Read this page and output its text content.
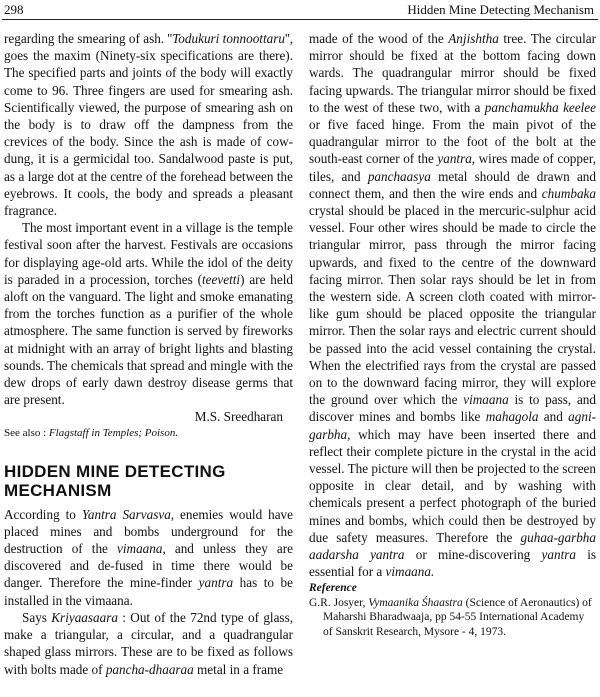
298	Hidden Mine Detecting Mechanism

regarding the smearing of ash. ''Todukuri tonnoottaru'', goes the maxim (Ninety-six specifications are there). The specified parts and joints of the body will exactly come to 96. Three fingers are used for smearing ash. Scientifically viewed, the purpose of smearing ash on the body is to draw off the dampness from the crevices of the body. Since the ash is made of cow-dung, it is a germicidal too. Sandalwood paste is put, as a large dot at the centre of the forehead between the eyebrows. It cools, the body and spreads a pleasant fragrance.

The most important event in a village is the temple festival soon after the harvest. Festivals are occasions for displaying age-old arts. While the idol of the deity is paraded in a procession, torches (teevetti) are held aloft on the vanguard. The light and smoke emanating from the torches function as a purifier of the whole atmosphere. The same function is served by fireworks at midnight with an array of bright lights and blasting sounds. The chemicals that spread and mingle with the dew drops of early dawn destroy disease germs that are present.

M.S. Sreedharan

See also : Flagstaff in Temples; Poison.

HIDDEN MINE DETECTING
MECHANISM

According to Yantra Sarvasva, enemies would have placed mines and bombs underground for the destruction of the vimaana, and unless they are discovered and de-fused in time there would be danger. Therefore the mine-finder yantra has to be installed in the vimaana.

Says Kriyaasaara : Out of the 72nd type of glass, make a triangular, a circular, and a quadrangular shaped glass mirrors. These are to be fixed as follows with bolts made of pancha-dhaaraa metal in a frame

made of the wood of the Anjishtha tree. The circular mirror should be fixed at the bottom facing down wards. The quadrangular mirror should be fixed facing upwards. The triangular mirror should be fixed to the west of these two, with a panchamukha keelee or five faced hinge. From the main pivot of the quadrangular mirror to the foot of the bolt at the south-east corner of the yantra, wires made of copper, tiles, and panchaasya metal should de drawn and connect them, and then the wire ends and chumbaka crystal should be placed in the mercuric-sulphur acid vessel. Four other wires should be made to circle the triangular mirror, pass through the mirror facing upwards, and fixed to the centre of the downward facing mirror. Then solar rays should be let in from the western side. A screen cloth coated with mirror-like gum should be placed opposite the triangular mirror. Then the solar rays and electric current should be passed into the acid vessel containing the crystal. When the electrified rays from the crystal are passed on to the downward facing mirror, they will explore the ground over which the vimaana is to pass, and discover mines and bombs like mahagola and agni-garbha, which may have been inserted there and reflect their complete picture in the crystal in the acid vessel. The picture will then be projected to the screen opposite in clear detail, and by washing with chemicals present a perfect photograph of the buried mines and bombs, which could then be destroyed by due safety measures. Therefore the guhaa-garbha aadarsha yantra or mine-discovering yantra is essential for a vimaana.

Reference

G.R. Josyer, Vymaanika Śhaastra (Science of Aeronautics) of Maharshi Bharadwaaja, pp 54-55 International Academy of Sanskrit Research, Mysore - 4, 1973.
